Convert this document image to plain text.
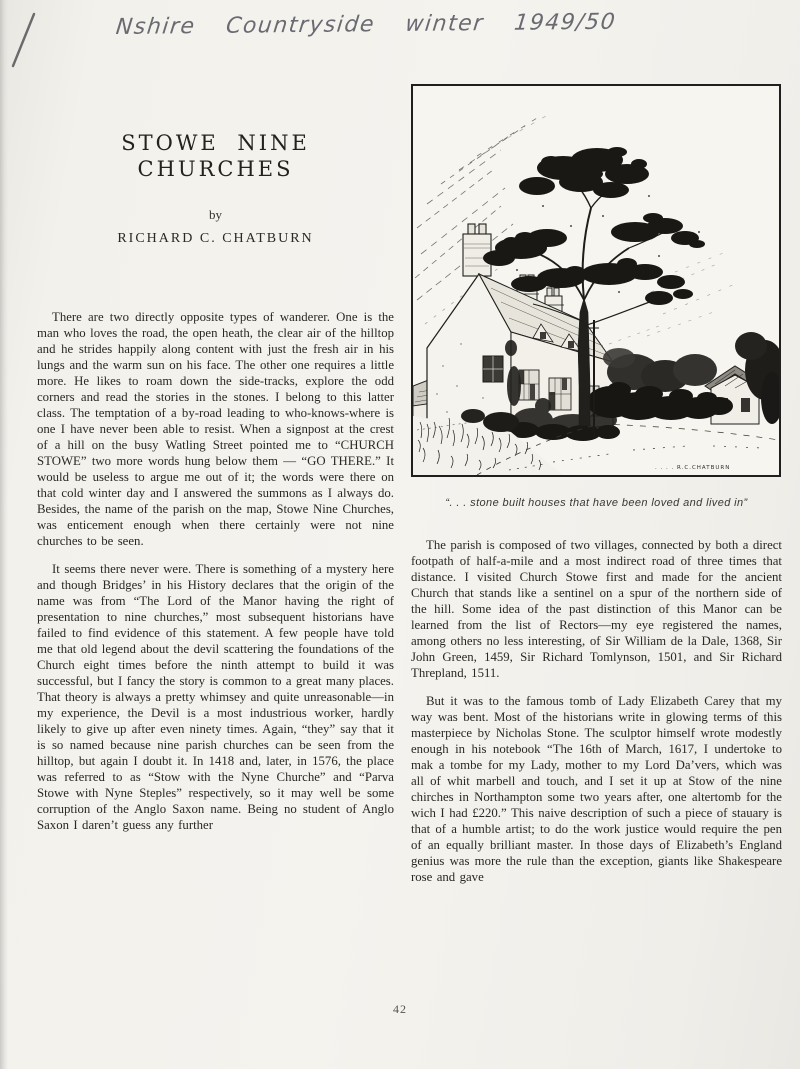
Nshire Countryside winter 1949/50
STOWE NINE CHURCHES
by
RICHARD C. CHATBURN

There are two directly opposite types of wanderer. One is the man who loves the road, the open heath, the clear air of the hilltop and he strides happily along content with just the fresh air in his lungs and the warm sun on his face. The other one requires a little more. He likes to roam down the side-tracks, explore the odd corners and read the stories in the stones. I belong to this latter class. The temptation of a by-road leading to who-knows-where is one I have never been able to resist. When a signpost at the crest of a hill on the busy Watling Street pointed me to “CHURCH STOWE” two more words hung below them — “GO THERE.” It would be useless to argue me out of it; the words were there on that cold winter day and I answered the summons as I always do. Besides, the name of the parish on the map, Stowe Nine Churches, was enticement enough when there certainly were not nine churches to be seen.

It seems there never were. There is something of a mystery here and though Bridges’ in his History declares that the origin of the name was from “The Lord of the Manor having the right of presentation to nine churches,” most subsequent historians have failed to find evidence of this statement. A few people have told me that old legend about the devil scattering the foundations of the Church eight times before the ninth attempt to build it was successful, but I fancy the story is common to a great many places. That theory is always a pretty whimsey and quite unreasonable—in my experience, the Devil is a most industrious worker, hardly likely to give up after even ninety times. Again, “they” say that it is so named because nine parish churches can be seen from the hilltop, but again I doubt it. In 1418 and, later, in 1576, the place was referred to as “Stow with the Nyne Churche” and “Parva Stowe with Nyne Steples” respectively, so it may well be some corruption of the Anglo Saxon name. Being no student of Anglo Saxon I daren’t guess any further

. . . . R.C.CHATBURN
“. . . stone built houses that have been loved and lived in”

The parish is composed of two villages, connected by both a direct footpath of half-a-mile and a most indirect road of three times that distance. I visited Church Stowe first and made for the ancient Church that stands like a sentinel on a spur of the northern side of the hill. Some idea of the past distinction of this Manor can be learned from the list of Rectors—my eye registered the names, among others no less interesting, of Sir William de la Dale, 1368, Sir John Green, 1459, Sir Richard Tomlynson, 1501, and Sir Richard Threpland, 1511.

But it was to the famous tomb of Lady Elizabeth Carey that my way was bent. Most of the historians write in glowing terms of this masterpiece by Nicholas Stone. The sculptor himself wrote modestly enough in his notebook “The 16th of March, 1617, I undertoke to mak a tombe for my Lady, mother to my Lord Da’vers, which was all of whit marbell and touch, and I set it up at Stow of the nine chirches in Northampton some two years after, one altertomb for the wich I had £220.” This naive description of such a piece of stauary is that of a humble artist; to do the work justice would require the pen of an equally brilliant master. In those days of Elizabeth’s England genius was more the rule than the exception, giants like Shakespeare rose and gave

42
